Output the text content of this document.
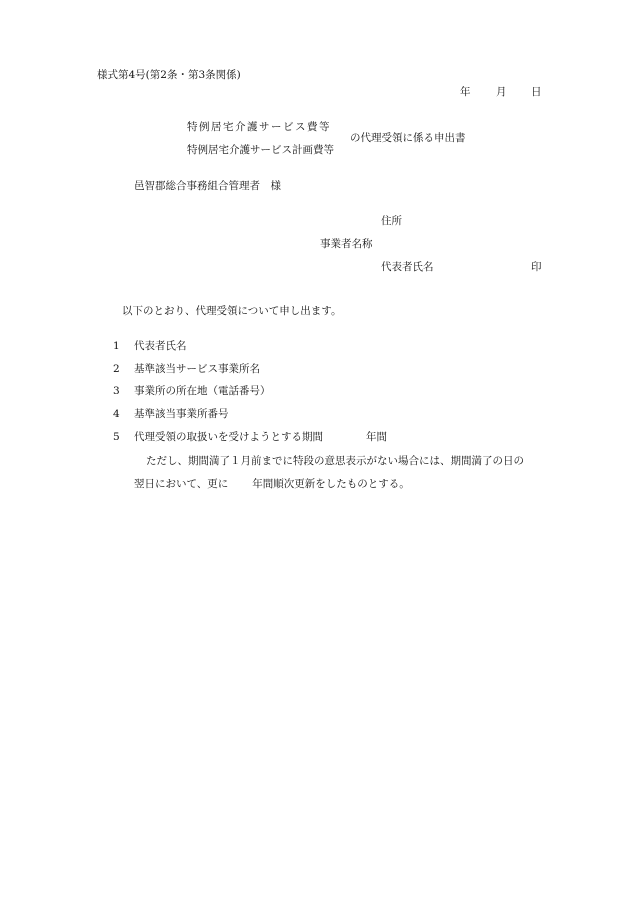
様式第4号(第2条・第3条関係)
年 月 日
特例居宅介護サービス費等
特例居宅介護サービス計画費等
の代理受領に係る申出書
邑智郡総合事務組合管理者　様
住所
事業者名称
代表者氏名	印
以下のとおり、代理受領について申し出ます。
1 代表者氏名
2 基準該当サービス事業所名
3 事業所の所在地（電話番号）
4 基準該当事業所番号
5 代理受領の取扱いを受けようとする期間	年間
ただし、期間満了１月前までに特段の意思表示がない場合には、期間満了の日の
翌日において、更に 年間順次更新をしたものとする。
